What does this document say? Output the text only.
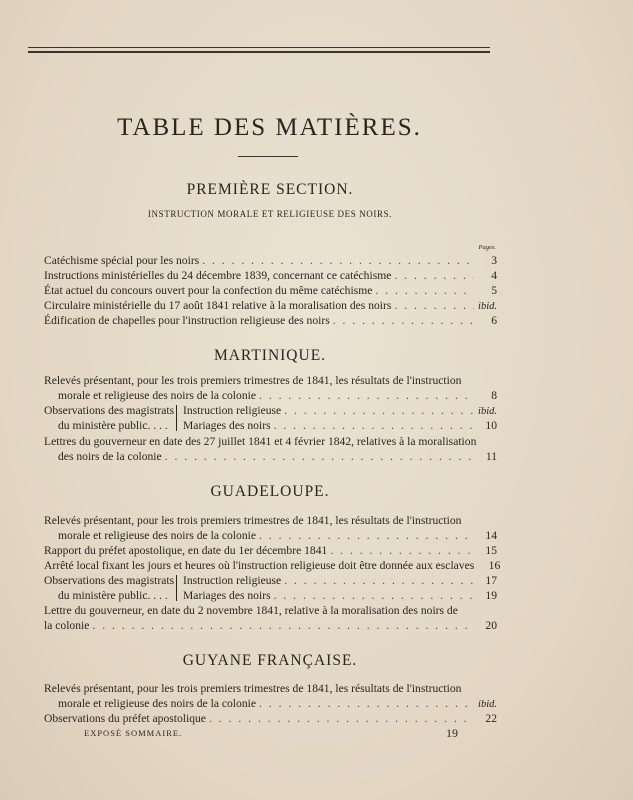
TABLE DES MATIÈRES.
PREMIÈRE SECTION.
INSTRUCTION MORALE ET RELIGIEUSE DES NOIRS.
Pages.
Catéchisme spécial pour les noirs . . .	3
Instructions ministérielles du 24 décembre 1839, concernant ce catéchisme . . .	4
État actuel du concours ouvert pour la confection du même catéchisme . . .	5
Circulaire ministérielle du 17 août 1841 relative à la moralisation des noirs . . .	ibid.
Édification de chapelles pour l'instruction religieuse des noirs . . .	6
MARTINIQUE.
Relevés présentant, pour les trois premiers trimestres de 1841, les résultats de l'instruction
morale et religieuse des noirs de la colonie . . .	8
Observations des magistrats
du ministère public. . . .
Instruction religieuse . . .	ibid.
Mariages des noirs . . .	10
Lettres du gouverneur en date des 27 juillet 1841 et 4 février 1842, relatives à la moralisation
des noirs de la colonie . . .	11
GUADELOUPE.
Relevés présentant, pour les trois premiers trimestres de 1841, les résultats de l'instruction
morale et religieuse des noirs de la colonie . . .	14
Rapport du préfet apostolique, en date du 1er décembre 1841 . . .	15
Arrêté local fixant les jours et heures où l'instruction religieuse doit être donnée aux esclaves	16
Observations des magistrats
du ministère public. . . .
Instruction religieuse . . .	17
Mariages des noirs . . .	19
Lettre du gouverneur, en date du 2 novembre 1841, relative à la moralisation des noirs de
la colonie . . .	20
GUYANE FRANÇAISE.
Relevés présentant, pour les trois premiers trimestres de 1841, les résultats de l'instruction
morale et religieuse des noirs de la colonie . . .	ibid.
Observations du préfet apostolique . . .	22
EXPOSÉ SOMMAIRE.	19
